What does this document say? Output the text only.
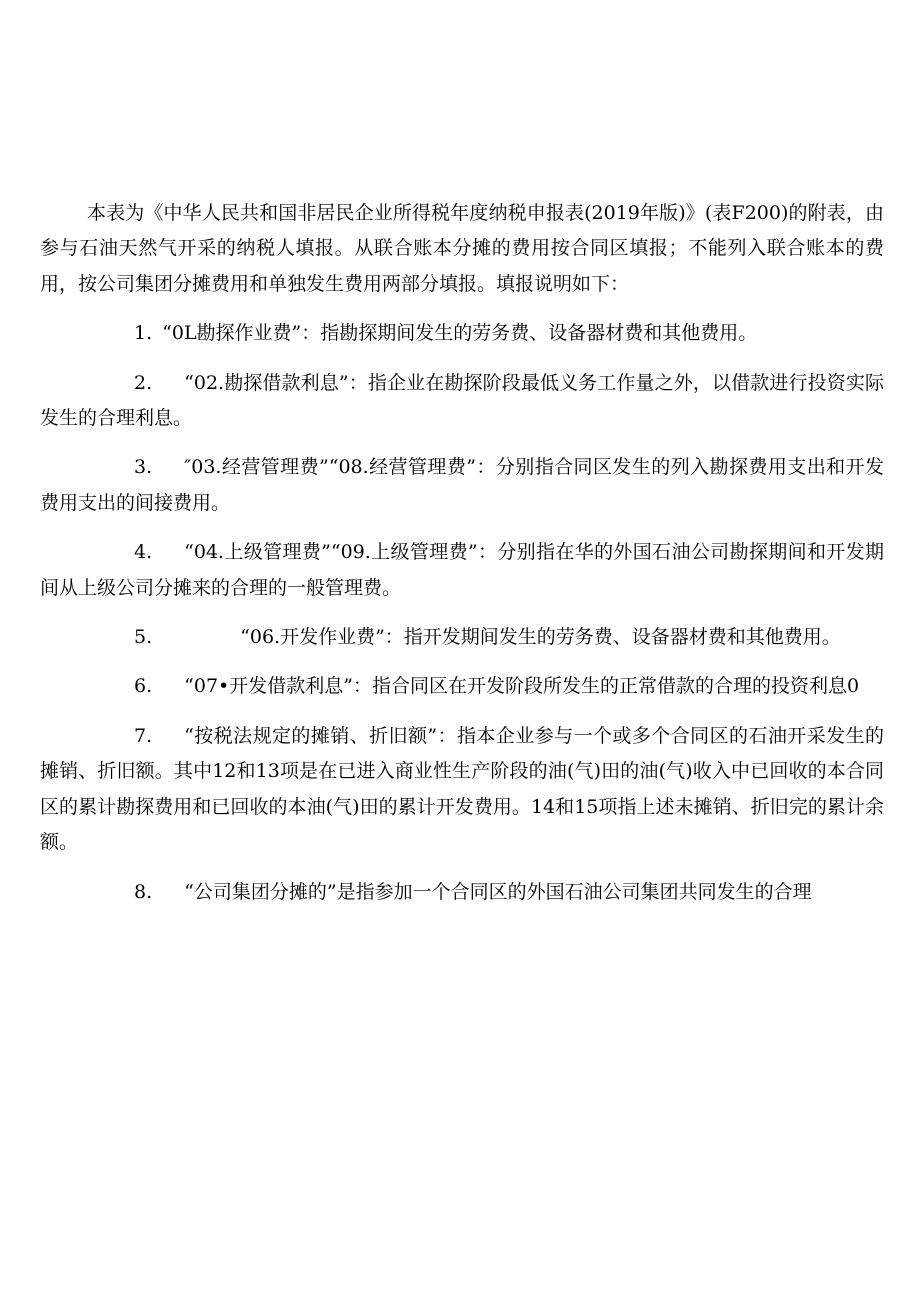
本表为《中华人民共和国非居民企业所得税年度纳税申报表(2019年版)》(表F200)的附表，由参与石油天然气开采的纳税人填报。从联合账本分摊的费用按合同区填报；不能列入联合账本的费用，按公司集团分摊费用和单独发生费用两部分填报。填报说明如下：

1. “0L勘探作业费”：指勘探期间发生的劳务费、设备器材费和其他费用。

2. “02.勘探借款利息”：指企业在勘探阶段最低义务工作量之外，以借款进行投资实际发生的合理利息。

3. ″03.经营管理费”“08.经营管理费”：分别指合同区发生的列入勘探费用支出和开发费用支出的间接费用。

4. “04.上级管理费”“09.上级管理费”：分别指在华的外国石油公司勘探期间和开发期间从上级公司分摊来的合理的一般管理费。

5.	“06.开发作业费”：指开发期间发生的劳务费、设备器材费和其他费用。

6. “07•开发借款利息”：指合同区在开发阶段所发生的正常借款的合理的投资利息0

7. “按税法规定的摊销、折旧额”：指本企业参与一个或多个合同区的石油开采发生的摊销、折旧额。其中12和13项是在已进入商业性生产阶段的油(气)田的油(气)收入中已回收的本合同区的累计勘探费用和已回收的本油(气)田的累计开发费用。14和15项指上述未摊销、折旧完的累计余额。

8. “公司集团分摊的”是指参加一个合同区的外国石油公司集团共同发生的合理
